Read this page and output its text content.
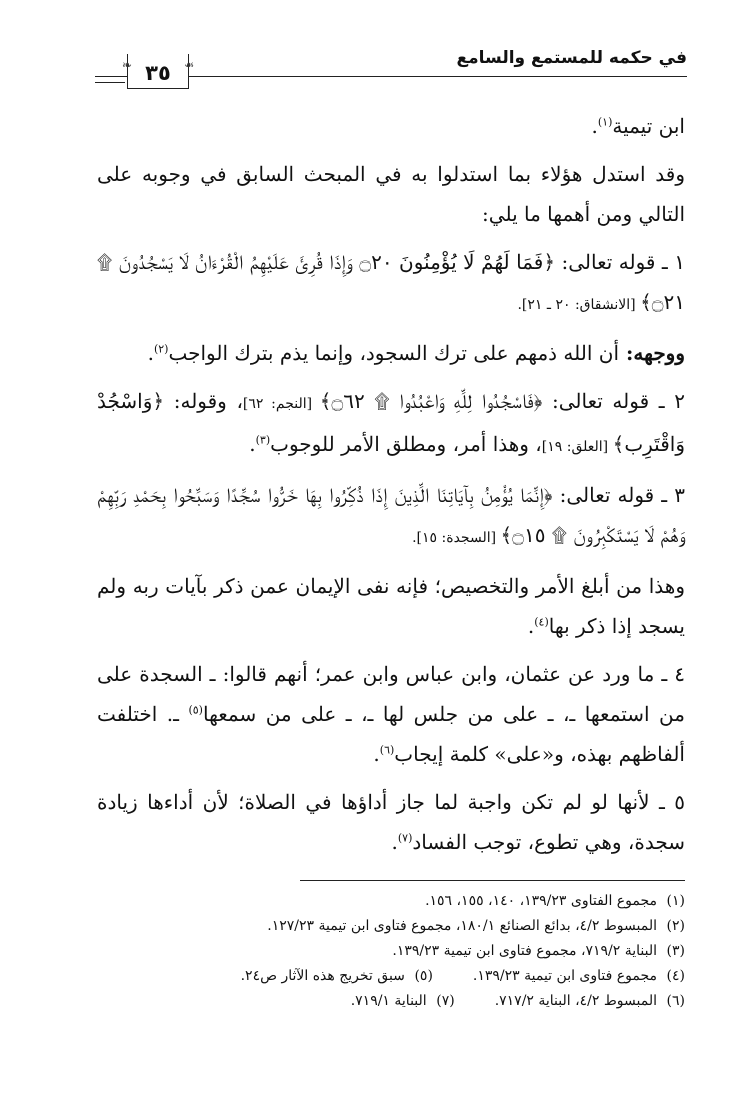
في حكمه للمستمع والسامع
❧ ٣٥ ❧

ابن تيمية$^{(١)}$.

وقد استدل هؤلاء بما استدلوا به في المبحث السابق في وجوبه على التالي ومن أهمها ما يلي:

١ ـ قوله تعالى: ﴿فَمَا لَهُمْ لَا يُؤْمِنُونَ ۝٢٠ وَإِذَا قُرِئَ عَلَيْهِمُ الْقُرْءَانُ لَا يَسْجُدُونَ ۩ ۝٢١﴾ [الانشقاق: ٢٠ ـ ٢١].

ووجهه: أن الله ذمهم على ترك السجود، وإنما يذم بترك الواجب$^{(٢)}$.

٢ ـ قوله تعالى: ﴿فَاسْجُدُوا لِلَّهِ وَاعْبُدُوا ۩ ۝٦٢﴾ [النجم: ٦٢]، وقوله: ﴿وَاسْجُدْ وَاقْتَرِب﴾ [العلق: ١٩]، وهذا أمر، ومطلق الأمر للوجوب$^{(٣)}$.

٣ ـ قوله تعالى: ﴿إِنَّمَا يُؤْمِنُ بِآيَاتِنَا الَّذِينَ إِذَا ذُكِّرُوا بِهَا خَرُّوا سُجَّدًا وَسَبَّحُوا بِحَمْدِ رَبِّهِمْ وَهُمْ لَا يَسْتَكْبِرُونَ ۩ ۝١٥﴾ [السجدة: ١٥].

وهذا من أبلغ الأمر والتخصيص؛ فإنه نفى الإيمان عمن ذكر بآيات ربه ولم يسجد إذا ذكر بها$^{(٤)}$.

٤ ـ ما ورد عن عثمان، وابن عباس وابن عمر؛ أنهم قالوا: ـ السجدة على من استمعها ـ، ـ على من جلس لها ـ، ـ على من سمعها$^{(٥)}$ ـ. اختلفت ألفاظهم بهذه، و«على» كلمة إيجاب$^{(٦)}$.

٥ ـ لأنها لو لم تكن واجبة لما جاز أداؤها في الصلاة؛ لأن أداءها زيادة سجدة، وهي تطوع، توجب الفساد$^{(٧)}$.

(١)مجموع الفتاوى ١٣٩/٢٣، ١٤٠، ١٥٥، ١٥٦.

(٢)المبسوط ٤/٢، بدائع الصنائع ١٨٠/١، مجموع فتاوى ابن تيمية ١٢٧/٢٣.

(٣)البناية ٧١٩/٢، مجموع فتاوى ابن تيمية ١٣٩/٢٣.

(٤)مجموع فتاوى ابن تيمية ١٣٩/٢٣.

(٥)سبق تخريج هذه الآثار ص٢٤.

(٦)المبسوط ٤/٢، البناية ٧١٧/٢.

(٧)البناية ٧١٩/١.
